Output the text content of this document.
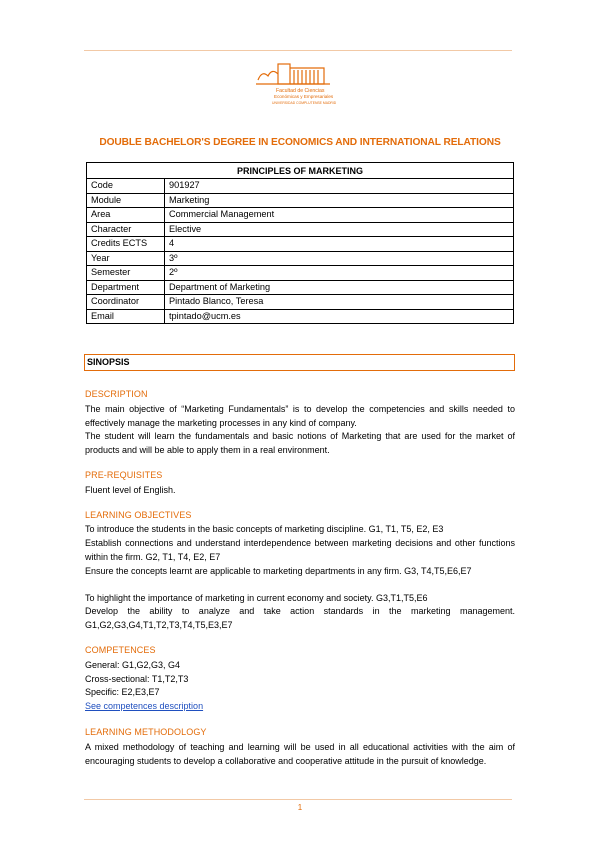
Facultad de Ciencias
Económicas y Empresariales
UNIVERSIDAD COMPLUTENSE MADRID
DOUBLE BACHELOR'S DEGREE IN ECONOMICS AND INTERNATIONAL RELATIONS
PRINCIPLES OF MARKETING	
Code	901927
Module	Marketing
Area	Commercial Management
Character	Elective
Credits ECTS	4
Year	3º
Semester	2º
Department	Department of Marketing
Coordinator	Pintado Blanco, Teresa
Email	tpintado@ucm.es
SINOPSIS
DESCRIPTION
The main objective of “Marketing Fundamentals” is to develop the competencies and skills needed to effectively manage the marketing processes in any kind of company.
The student will learn the fundamentals and basic notions of Marketing that are used for the market of products and will be able to apply them in a real environment.
PRE-REQUISITES
Fluent level of English.
LEARNING OBJECTIVES
To introduce the students in the basic concepts of marketing discipline. G1, T1, T5, E2, E3
Establish connections and understand interdependence between marketing decisions and other functions within the firm. G2, T1, T4, E2, E7
Ensure the concepts learnt are applicable to marketing departments in any firm. G3, T4,T5,E6,E7
To highlight the importance of marketing in current economy and society. G3,T1,T5,E6
Develop the ability to analyze and take action standards in the marketing management. G1,G2,G3,G4,T1,T2,T3,T4,T5,E3,E7
COMPETENCES
General: G1,G2,G3, G4
Cross-sectional: T1,T2,T3
Specific: E2,E3,E7
See competences description
LEARNING METHODOLOGY
A mixed methodology of teaching and learning will be used in all educational activities with the aim of encouraging students to develop a collaborative and cooperative attitude in the pursuit of knowledge.
1
